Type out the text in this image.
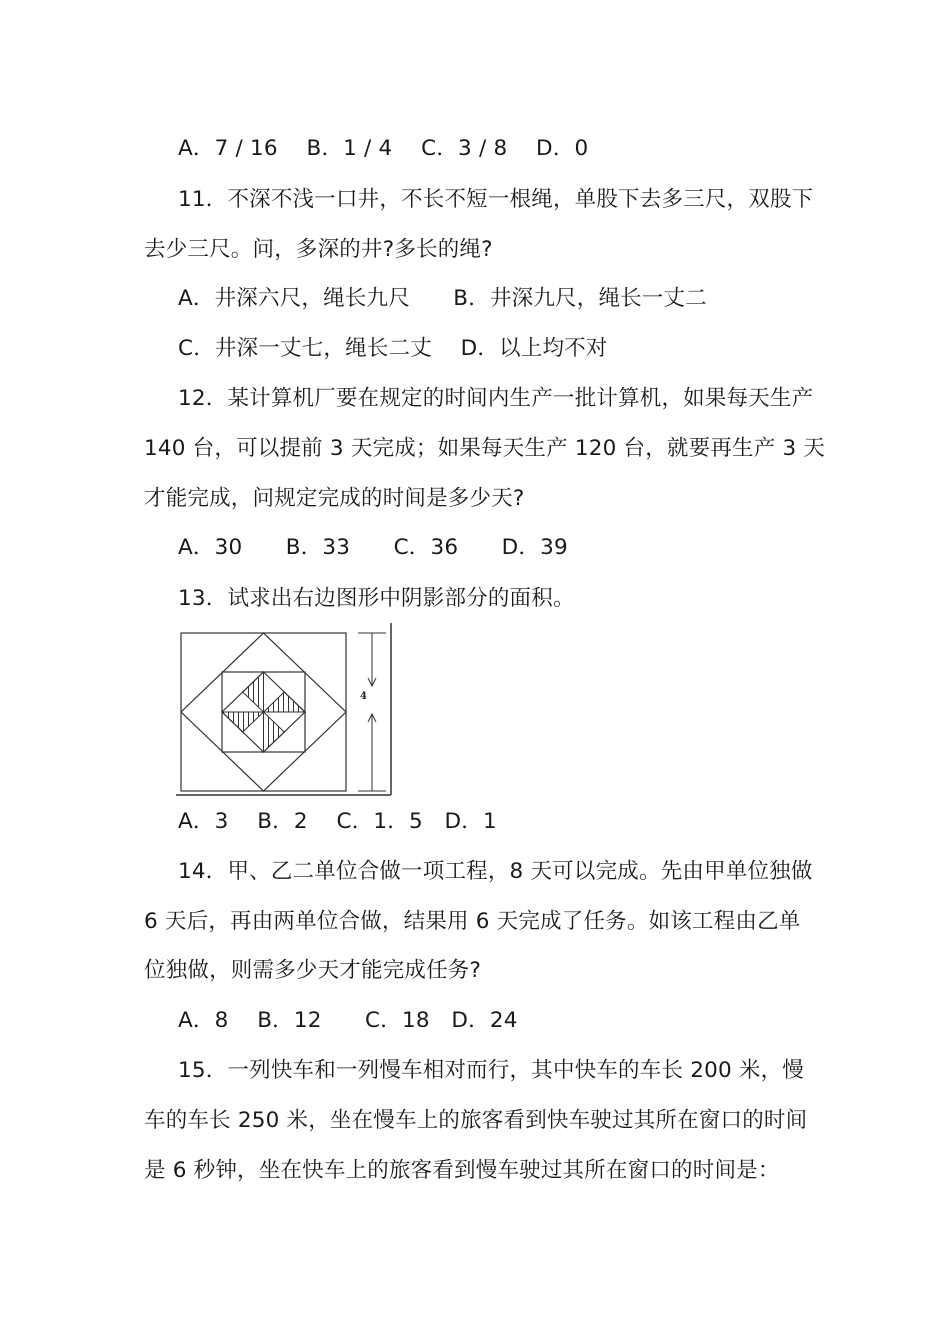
A．7 / 16　 B．1 / 4　 C．3 / 8　 D．0
11．不深不浅一口井，不长不短一根绳，单股下去多三尺，双股下
去少三尺。问，多深的井?多长的绳?
A．井深六尺，绳长九尺　　B．井深九尺，绳长一丈二
C．井深一丈七，绳长二丈　 D．以上均不对
12．某计算机厂要在规定的时间内生产一批计算机，如果每天生产
140 台，可以提前 3 天完成；如果每天生产 120 台，就要再生产 3 天
才能完成，问规定完成的时间是多少天?
A．30　　B．33　　C．36　　D．39
13．试求出右边图形中阴影部分的面积。
4
A．3　 B．2　 C．1．5　D．1
14．甲、乙二单位合做一项工程，8 天可以完成。先由甲单位独做
6 天后，再由两单位合做，结果用 6 天完成了任务。如该工程由乙单
位独做，则需多少天才能完成任务?
A．8　 B．12　　C．18　D．24
15．一列快车和一列慢车相对而行，其中快车的车长 200 米，慢
车的车长 250 米，坐在慢车上的旅客看到快车驶过其所在窗口的时间
是 6 秒钟，坐在快车上的旅客看到慢车驶过其所在窗口的时间是：
